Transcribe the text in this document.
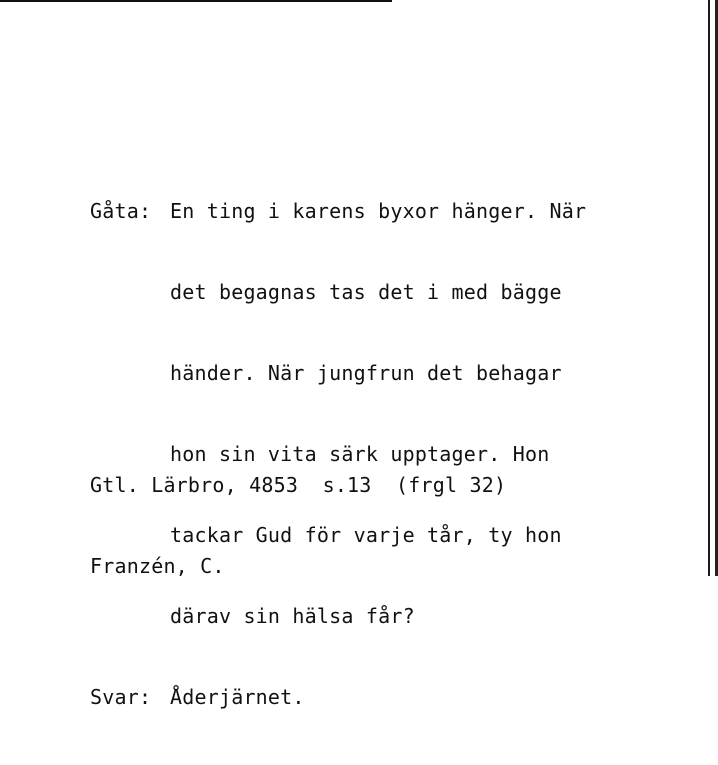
Gåta: En ting i karens byxor hänger. När

det begagnas tas det i med bägge

händer. När jungfrun det behagar

hon sin vita särk upptager. Hon

tackar Gud för varje tår, ty hon

därav sin hälsa får?

Svar: Åderjärnet.

Gtl. Lärbro, 4853  s.13  (frgl 32)

Franzén, C.
